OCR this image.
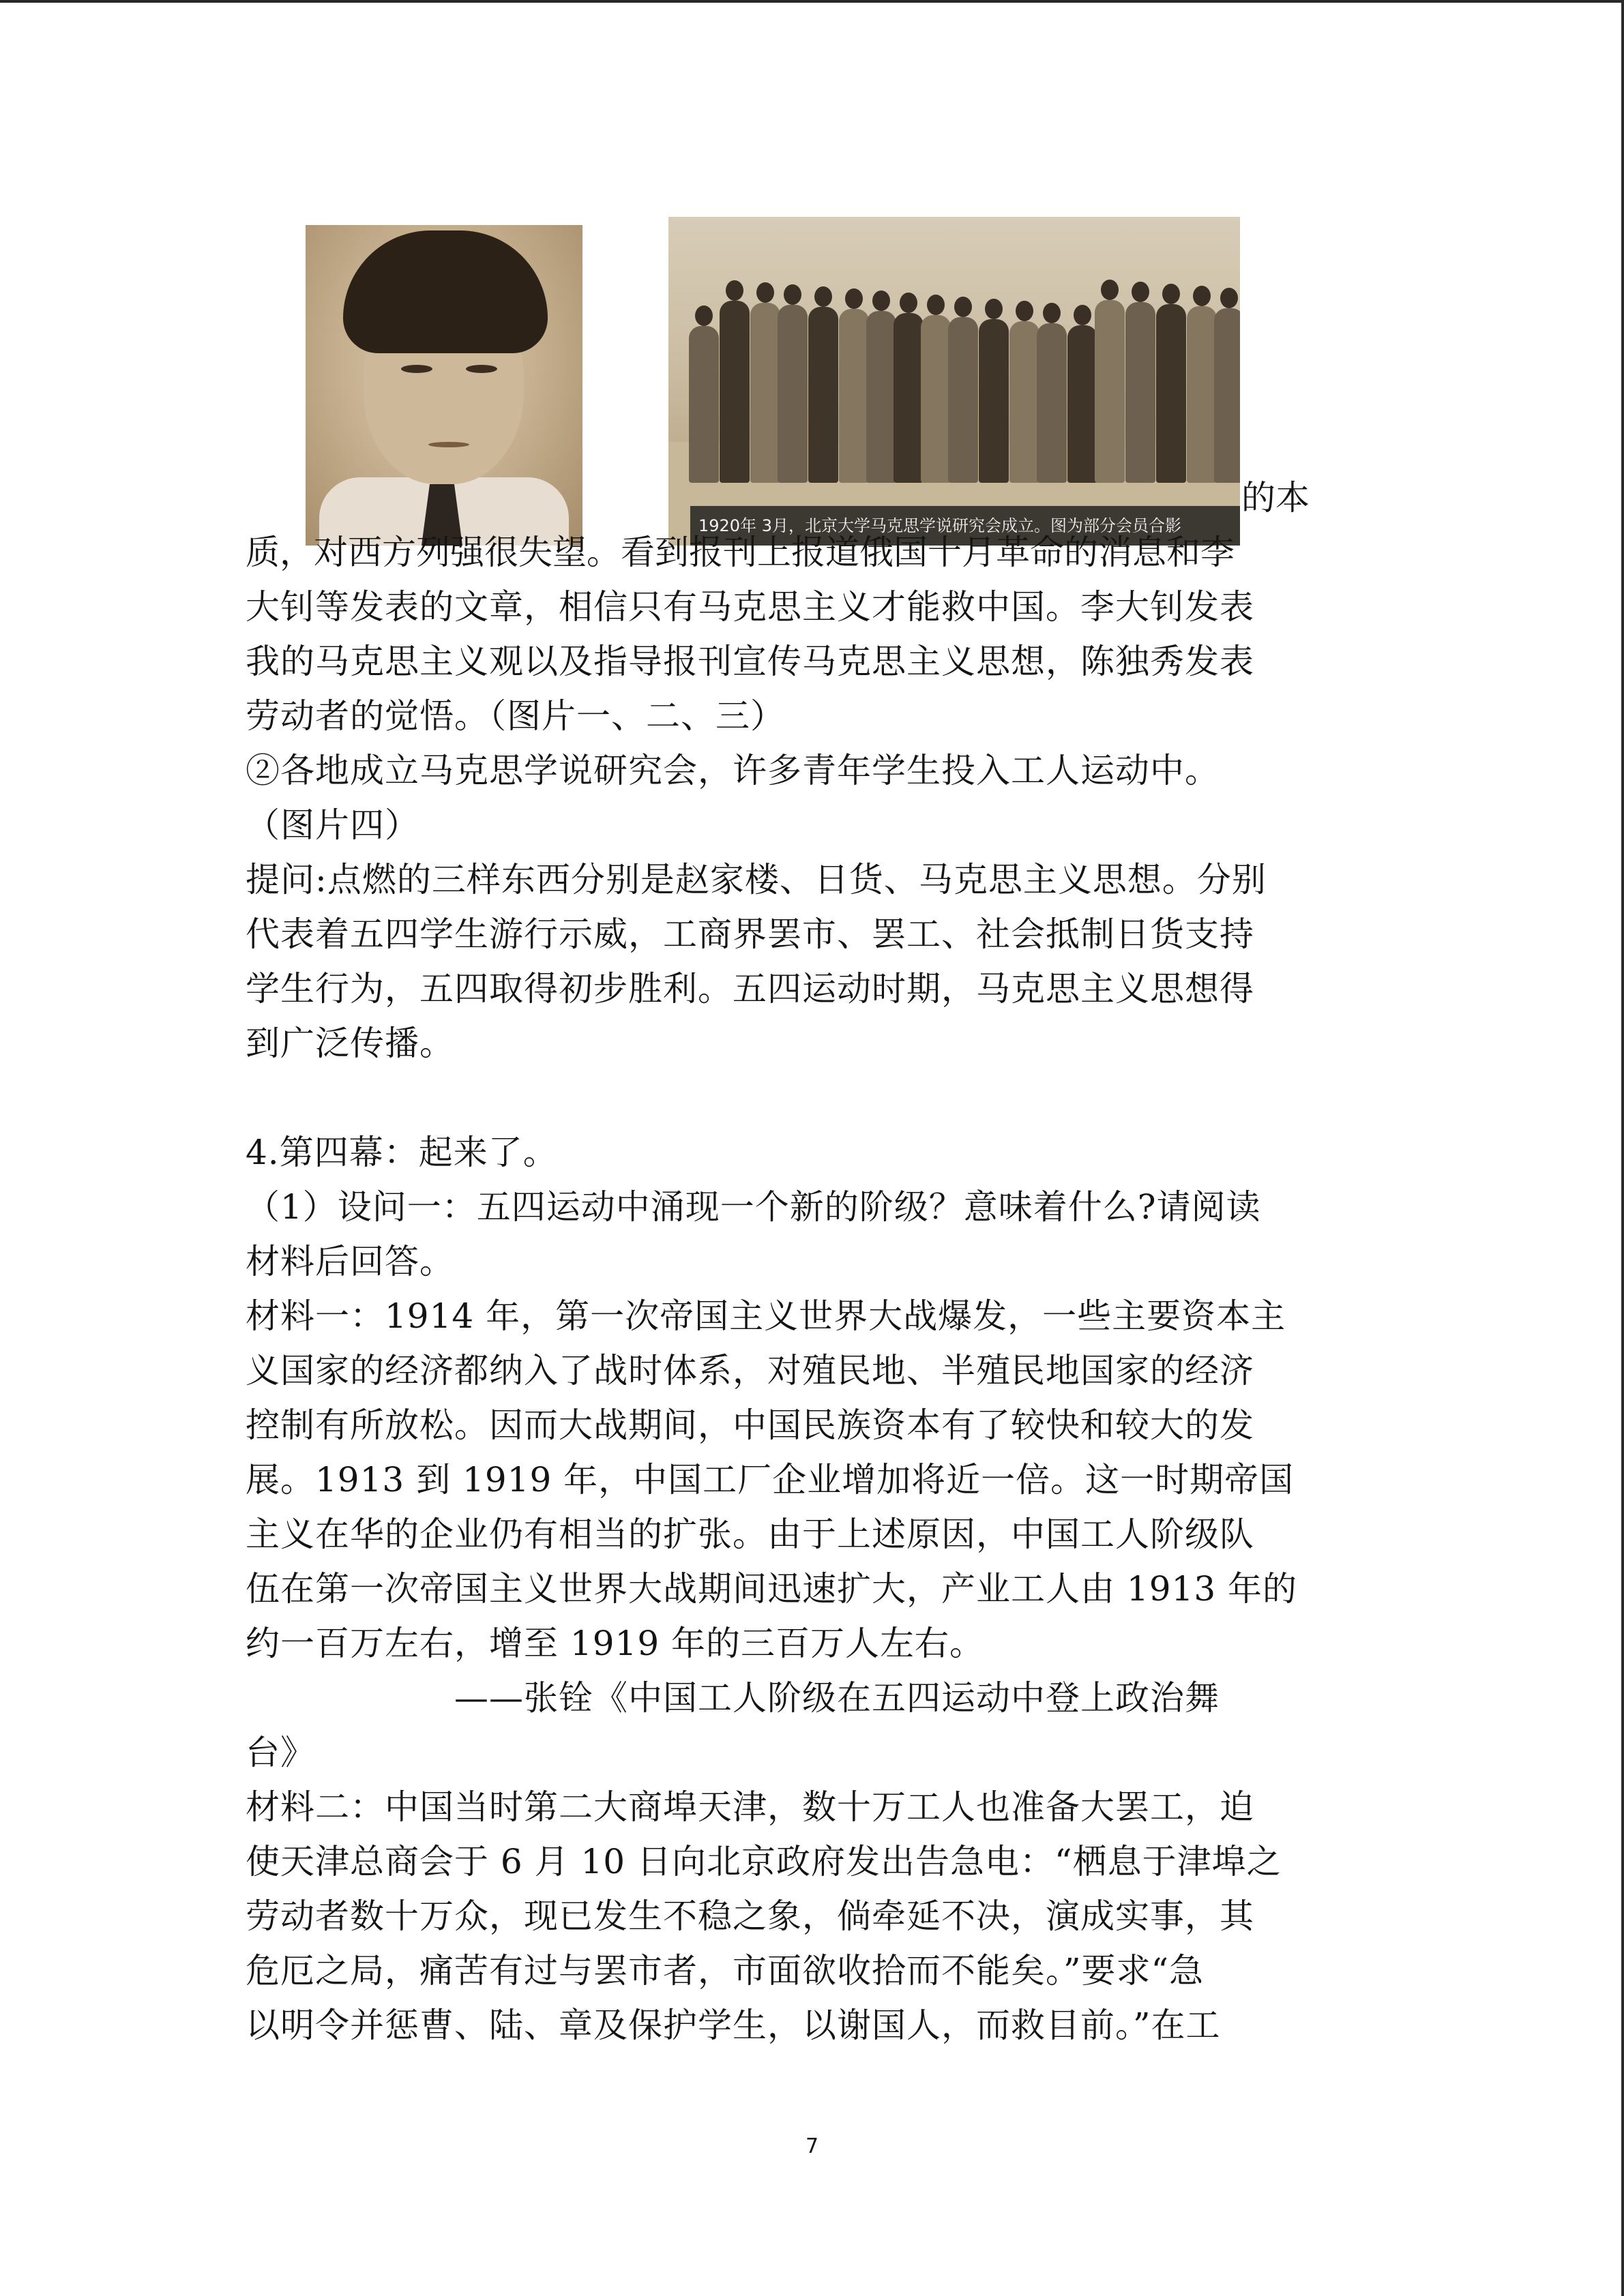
1920年 3月，北京大学马克思学说研究会成立。图为部分会员合影
的本
质，对西方列强很失望。看到报刊上报道俄国十月革命的消息和李
大钊等发表的文章，相信只有马克思主义才能救中国。李大钊发表
我的马克思主义观以及指导报刊宣传马克思主义思想，陈独秀发表
劳动者的觉悟。（图片一、二、三）
②各地成立马克思学说研究会，许多青年学生投入工人运动中。
（图片四）
提问:点燃的三样东西分别是赵家楼、日货、马克思主义思想。分别
代表着五四学生游行示威，工商界罢市、罢工、社会抵制日货支持
学生行为，五四取得初步胜利。五四运动时期，马克思主义思想得
到广泛传播。
4.第四幕：起来了。
（1）设问一：五四运动中涌现一个新的阶级？意味着什么?请阅读
材料后回答。
材料一：1914 年，第一次帝国主义世界大战爆发，一些主要资本主
义国家的经济都纳入了战时体系，对殖民地、半殖民地国家的经济
控制有所放松。因而大战期间，中国民族资本有了较快和较大的发
展。1913 到 1919 年，中国工厂企业增加将近一倍。这一时期帝国
主义在华的企业仍有相当的扩张。由于上述原因，中国工人阶级队
伍在第一次帝国主义世界大战期间迅速扩大，产业工人由 1913 年的
约一百万左右，增至 1919 年的三百万人左右。
　　　　　　——张铨《中国工人阶级在五四运动中登上政治舞
台》
材料二：中国当时第二大商埠天津，数十万工人也准备大罢工，迫
使天津总商会于 6 月 10 日向北京政府发出告急电：“栖息于津埠之
劳动者数十万众，现已发生不稳之象，倘牵延不决，演成实事，其
危厄之局，痛苦有过与罢市者，市面欲收拾而不能矣。”要求“急
以明令并惩曹、陆、章及保护学生，以谢国人，而救目前。”在工
7
